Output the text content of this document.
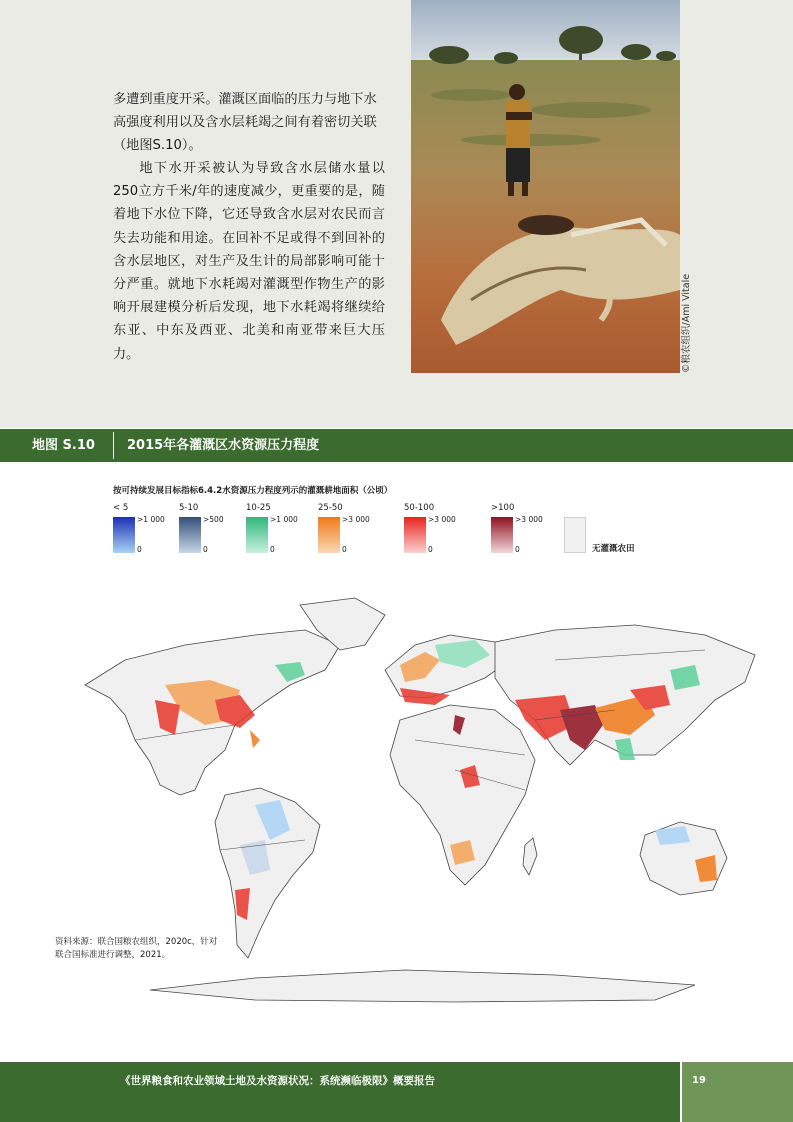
多遭到重度开采。灌溉区面临的压力与地下水高强度利用以及含水层耗竭之间有着密切关联（地图S.10）。

地下水开采被认为导致含水层储水量以250立方千米/年的速度减少，更重要的是，随着地下水位下降，它还导致含水层对农民而言失去功能和用途。在回补不足或得不到回补的含水层地区，对生产及生计的局部影响可能十分严重。就地下水耗竭对灌溉型作物生产的影响开展建模分析后发现，地下水耗竭将继续给东亚、中东及西亚、北美和南亚带来巨大压力。	©粮农组织/Ami Vitale
地图 S.10 2015年各灌溉区水资源压力程度
按可持续发展目标指标6.4.2水资源压力程度列示的灌溉耕地面积（公顷）
< 5
>1 000
0
5-10
>500
0
10-25
>1 000
0
25-50
>3 000
0
50-100
>3 000
0
>100
>3 000
0	无灌溉农田
资料来源：联合国粮农组织，2020c，针对联合国标准进行调整，2021。
《世界粮食和农业领域土地及水资源状况：系统濒临极限》概要报告	19
